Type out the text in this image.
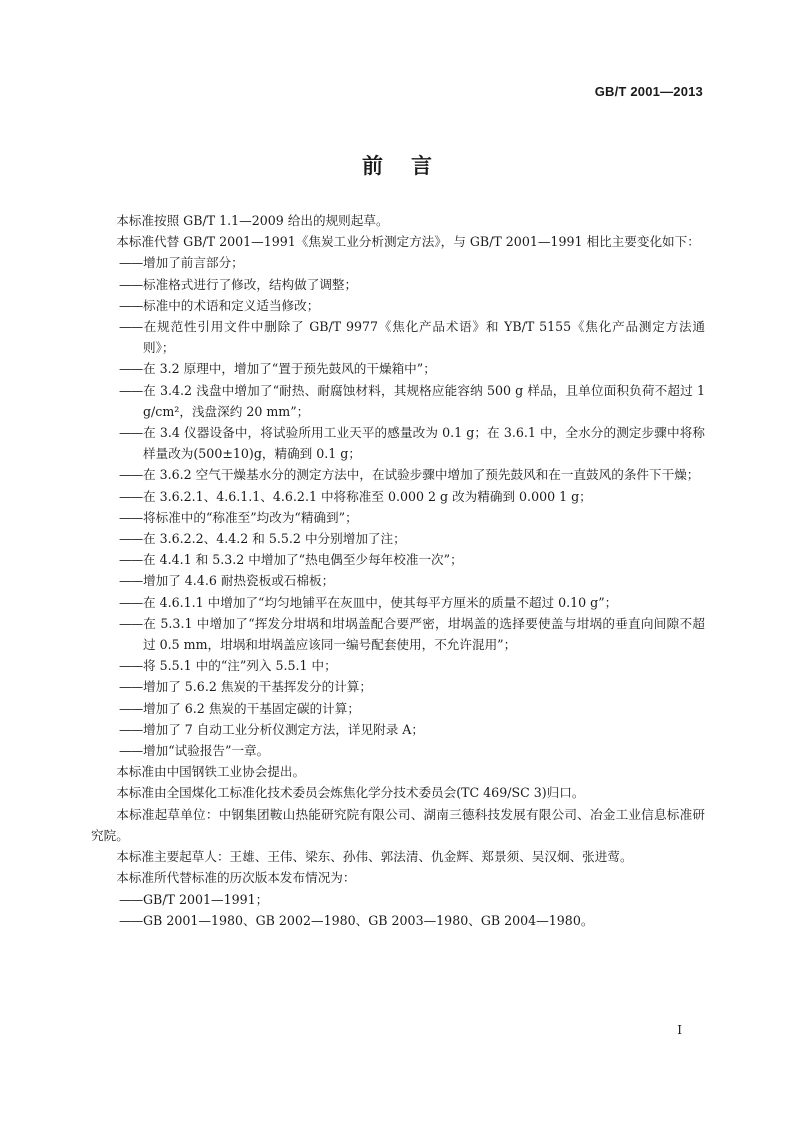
GB/T 2001—2013
前言

本标准按照 GB/T 1.1—2009 给出的规则起草。

本标准代替 GB/T 2001—1991《焦炭工业分析测定方法》，与 GB/T 2001—1991 相比主要变化如下：

——增加了前言部分；

——标准格式进行了修改，结构做了调整；

——标准中的术语和定义适当修改；

——在规范性引用文件中删除了 GB/T 9977《焦化产品术语》和 YB/T 5155《焦化产品测定方法通则》；

——在 3.2 原理中，增加了“置于预先鼓风的干燥箱中”；

——在 3.4.2 浅盘中增加了“耐热、耐腐蚀材料，其规格应能容纳 500 g 样品，且单位面积负荷不超过 1 g/cm²，浅盘深约 20 mm”；

——在 3.4 仪器设备中，将试验所用工业天平的感量改为 0.1 g；在 3.6.1 中，全水分的测定步骤中将称样量改为(500±10)g，精确到 0.1 g；

——在 3.6.2 空气干燥基水分的测定方法中，在试验步骤中增加了预先鼓风和在一直鼓风的条件下干燥；

——在 3.6.2.1、4.6.1.1、4.6.2.1 中将称准至 0.000 2 g 改为精确到 0.000 1 g；

——将标准中的“称准至”均改为“精确到”；

——在 3.6.2.2、4.4.2 和 5.5.2 中分别增加了注；

——在 4.4.1 和 5.3.2 中增加了“热电偶至少每年校准一次”；

——增加了 4.4.6 耐热瓷板或石棉板；

——在 4.6.1.1 中增加了“均匀地铺平在灰皿中，使其每平方厘米的质量不超过 0.10 g”；

——在 5.3.1 中增加了“挥发分坩埚和坩埚盖配合要严密，坩埚盖的选择要使盖与坩埚的垂直向间隙不超过 0.5 mm，坩埚和坩埚盖应该同一编号配套使用，不允许混用”；

——将 5.5.1 中的“注”列入 5.5.1 中；

——增加了 5.6.2 焦炭的干基挥发分的计算；

——增加了 6.2 焦炭的干基固定碳的计算；

——增加了 7 自动工业分析仪测定方法，详见附录 A；

——增加“试验报告”一章。

本标准由中国钢铁工业协会提出。

本标准由全国煤化工标准化技术委员会炼焦化学分技术委员会(TC 469/SC 3)归口。

本标准起草单位：中钢集团鞍山热能研究院有限公司、湖南三德科技发展有限公司、冶金工业信息标准研究院。

本标准主要起草人：王雄、王伟、梁东、孙伟、郭法清、仇金辉、郑景须、吴汉炯、张进莺。

本标准所代替标准的历次版本发布情况为：

——GB/T 2001—1991；

——GB 2001—1980、GB 2002—1980、GB 2003—1980、GB 2004—1980。

I
